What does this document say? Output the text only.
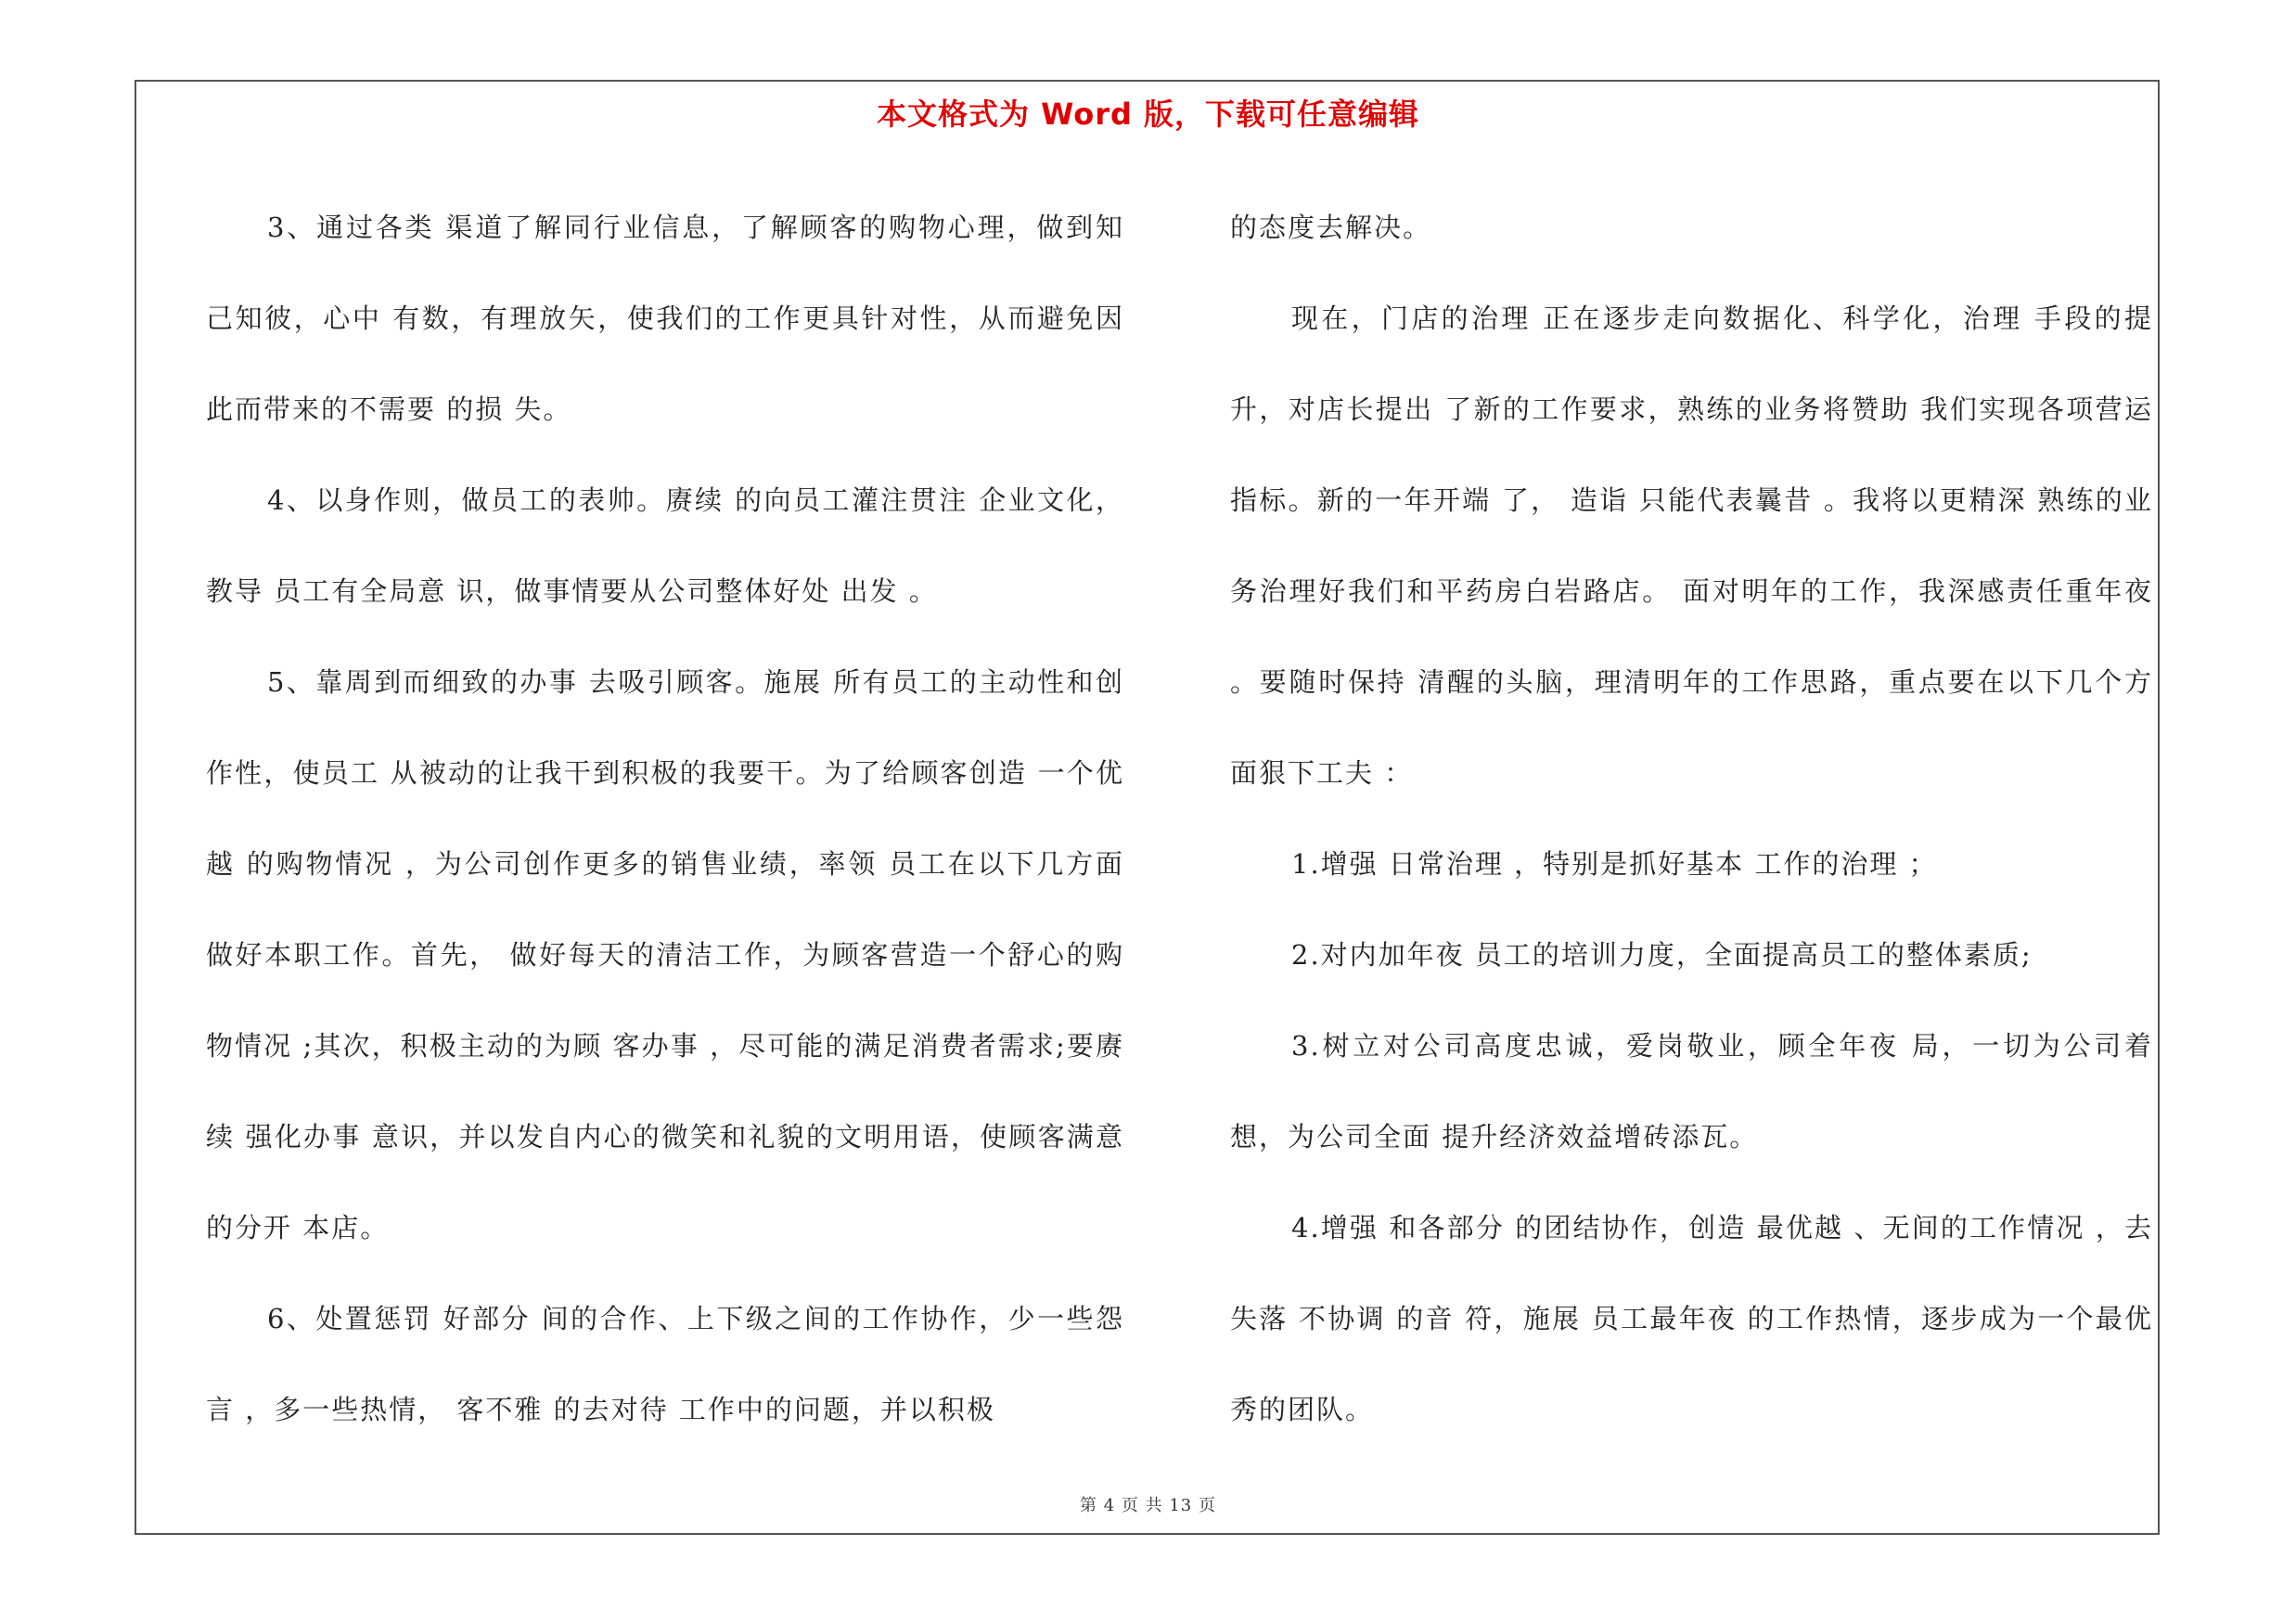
本文格式为 Word 版，下载可任意编辑

3、通过各类 渠道了解同行业信息，了解顾客的购物心理，做到知己知彼，心中 有数，有理放矢，使我们的工作更具针对性，从而避免因此而带来的不需要 的损 失。

4、以身作则，做员工的表帅。赓续 的向员工灌注贯注 企业文化，教导 员工有全局意 识，做事情要从公司整体好处 出发 。

5、靠周到而细致的办事 去吸引顾客。施展 所有员工的主动性和创作性，使员工 从被动的让我干到积极的我要干。为了给顾客创造 一个优越 的购物情况 ，为公司创作更多的销售业绩，率领 员工在以下几方面做好本职工作。首先， 做好每天的清洁工作，为顾客营造一个舒心的购物情况 ;其次，积极主动的为顾 客办事 ，尽可能的满足消费者需求;要赓续 强化办事 意识，并以发自内心的微笑和礼貌的文明用语，使顾客满意的分开 本店。

6、处置惩罚 好部分 间的合作、上下级之间的工作协作，少一些怨言 ，多一些热情， 客不雅 的去对待 工作中的问题，并以积极

的态度去解决。

现在，门店的治理 正在逐步走向数据化、科学化，治理 手段的提升，对店长提出 了新的工作要求，熟练的业务将赞助 我们实现各项营运指标。新的一年开端 了， 造诣 只能代表曩昔 。我将以更精深 熟练的业务治理好我们和平药房白岩路店。 面对明年的工作，我深感责任重年夜 。要随时保持 清醒的头脑，理清明年的工作思路，重点要在以下几个方面狠下工夫 ：

1.增强 日常治理 ，特别是抓好基本 工作的治理 ；

2.对内加年夜 员工的培训力度，全面提高员工的整体素质;

3.树立对公司高度忠诚，爱岗敬业，顾全年夜 局，一切为公司着想，为公司全面 提升经济效益增砖添瓦。

4.增强 和各部分 的团结协作，创造 最优越 、无间的工作情况 ，去失落 不协调 的音 符，施展 员工最年夜 的工作热情，逐步成为一个最优秀的团队。

第 4 页 共 13 页
